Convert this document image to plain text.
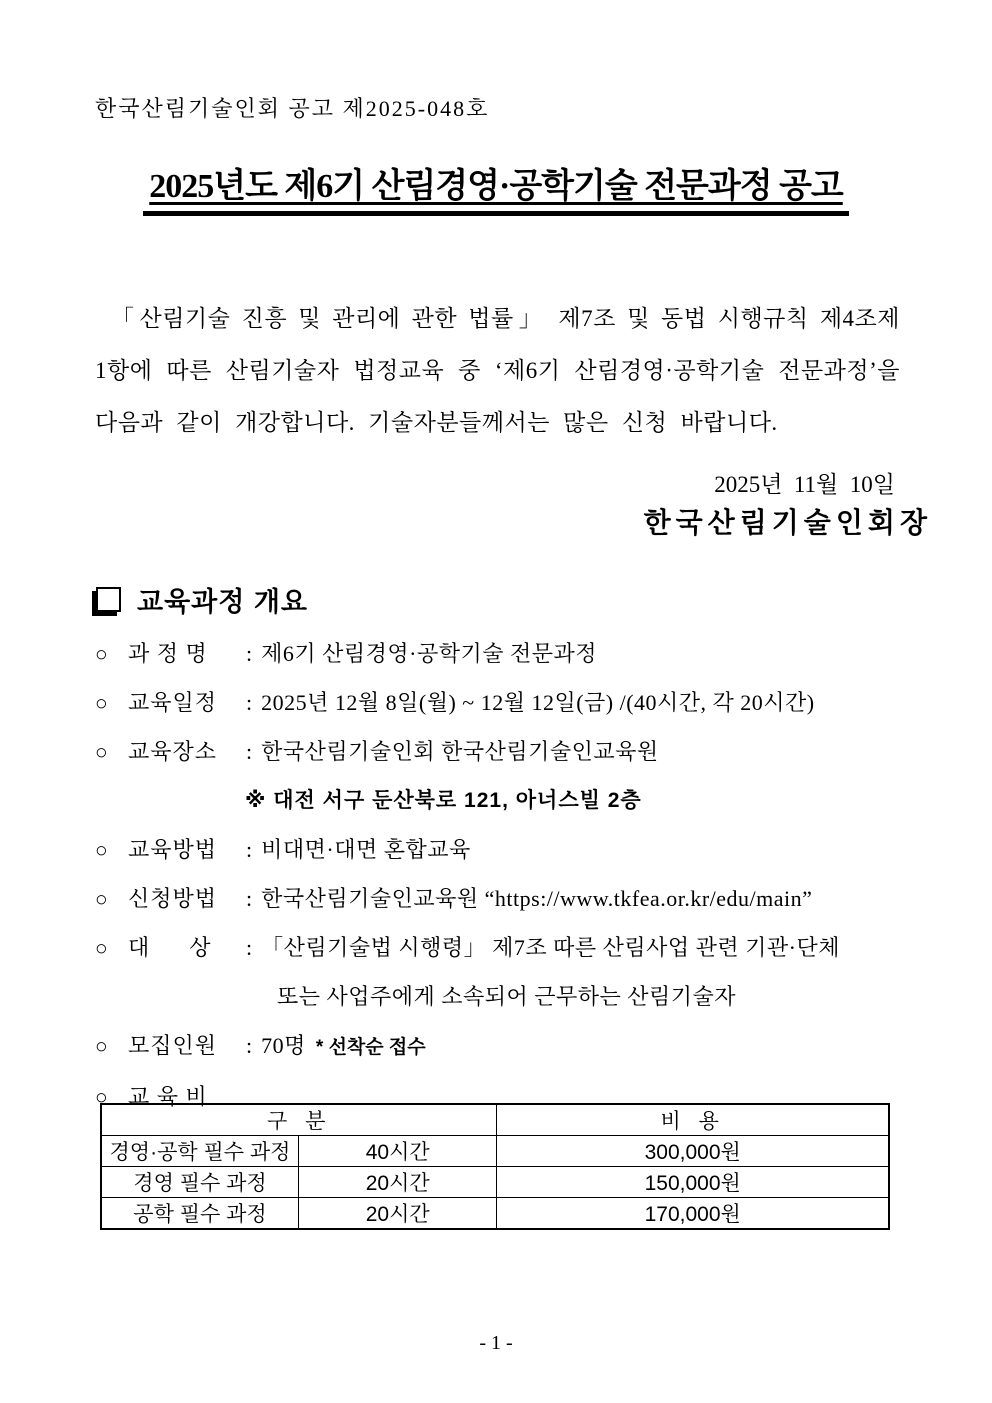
한국산림기술인회 공고 제2025-048호
2025년도 제6기 산림경영·공학기술 전문과정 공고
「산림기술 진흥 및 관리에 관한 법률」 제7조 및 동법 시행규칙 제4조제
1항에 따른 산림기술자 법정교육 중 ‘제6기 산림경영·공학기술 전문과정’을
다음과 같이 개강합니다. 기술자분들께서는 많은 신청 바랍니다.
2025년  11월  10일
한국산림기술인회장
교육과정 개요
○ 과 정 명	: 제6기 산림경영·공학기술 전문과정
○ 교육일정	: 2025년 12월 8일(월) ~ 12월 12일(금) /(40시간, 각 20시간)
○ 교육장소	: 한국산림기술인회 한국산림기술인교육원
※ 대전 서구 둔산북로 121, 아너스빌 2층
○ 교육방법	: 비대면·대면 혼합교육
○ 신청방법	: 한국산림기술인교육원 “https://www.tkfea.or.kr/edu/main”
○ 대      상	: 「산림기술법 시행령」 제7조 따른 산림사업 관련 기관·단체
또는 사업주에게 소속되어 근무하는 산림기술자
○ 모집인원	: 70명 * 선착순 접수
○ 교 육 비
구 분		비 용
경영·공학 필수 과정	40시간	300,000원
경영 필수 과정	20시간	150,000원
공학 필수 과정	20시간	170,000원
- 1 -
